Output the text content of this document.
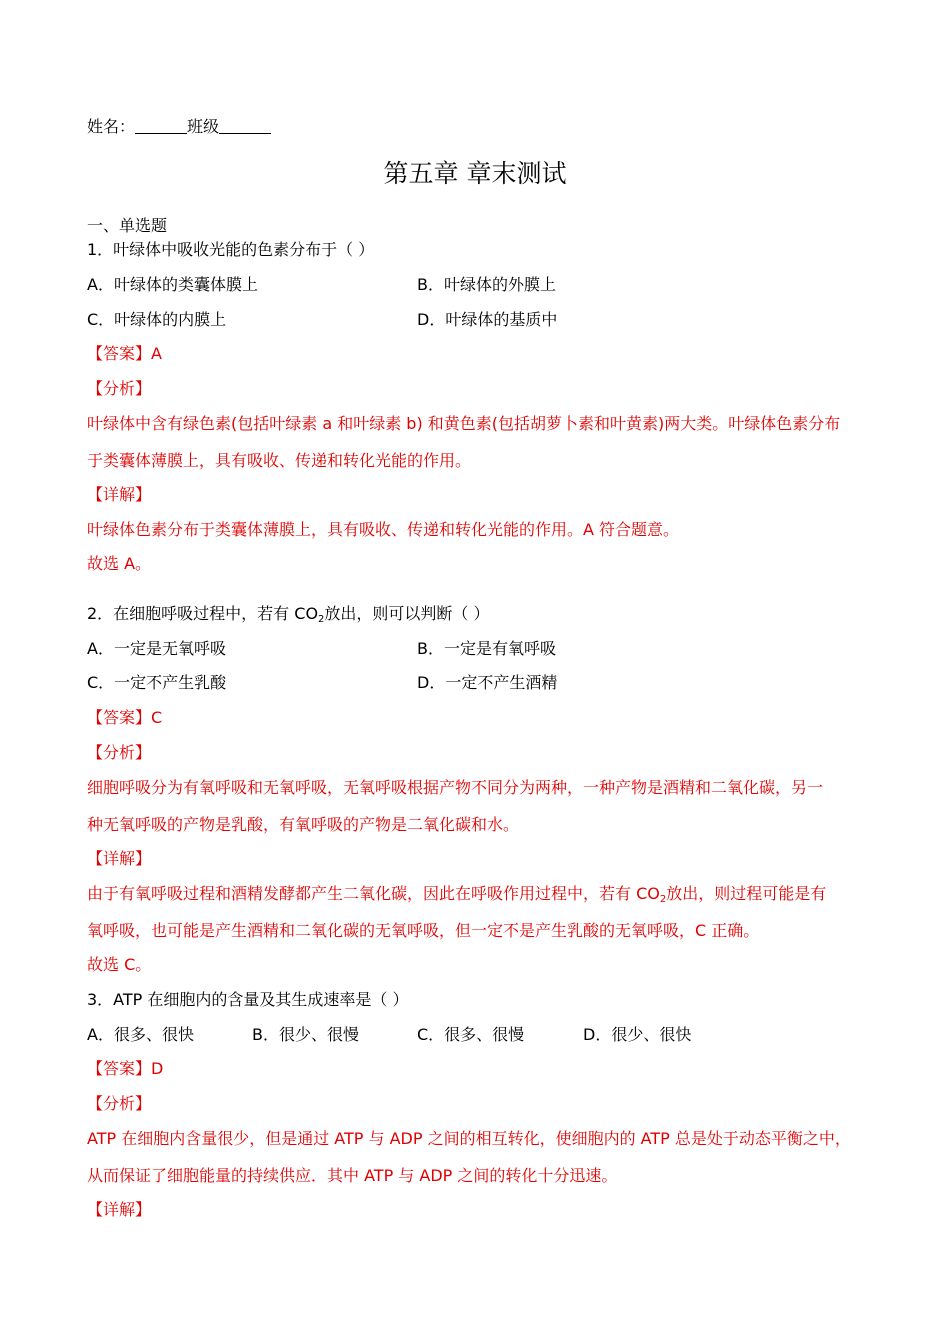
姓名：	班级
第五章 章末测试
一、单选题
1．叶绿体中吸收光能的色素分布于（ ）
A．叶绿体的类囊体膜上	B．叶绿体的外膜上
C．叶绿体的内膜上	D．叶绿体的基质中
【答案】A
【分析】
叶绿体中含有绿色素(包括叶绿素 a 和叶绿素 b) 和黄色素(包括胡萝卜素和叶黄素)两大类。叶绿体色素分布
于类囊体薄膜上，具有吸收、传递和转化光能的作用。
【详解】
叶绿体色素分布于类囊体薄膜上，具有吸收、传递和转化光能的作用。A 符合题意。
故选 A。
2．在细胞呼吸过程中，若有 $CO_2$放出，则可以判断（ ）
A．一定是无氧呼吸	B．一定是有氧呼吸
C．一定不产生乳酸	D．一定不产生酒精
【答案】C
【分析】
细胞呼吸分为有氧呼吸和无氧呼吸，无氧呼吸根据产物不同分为两种，一种产物是酒精和二氧化碳，另一
种无氧呼吸的产物是乳酸，有氧呼吸的产物是二氧化碳和水。
【详解】
由于有氧呼吸过程和酒精发酵都产生二氧化碳，因此在呼吸作用过程中，若有 $CO_2$放出，则过程可能是有
氧呼吸，也可能是产生酒精和二氧化碳的无氧呼吸，但一定不是产生乳酸的无氧呼吸，C 正确。
故选 C。
3．ATP 在细胞内的含量及其生成速率是（ ）
A．很多、很快	B．很少、很慢	C．很多、很慢	D．很少、很快
【答案】D
【分析】
ATP 在细胞内含量很少，但是通过 ATP 与 ADP 之间的相互转化，使细胞内的 ATP 总是处于动态平衡之中，
从而保证了细胞能量的持续供应．其中 ATP 与 ADP 之间的转化十分迅速。
【详解】
